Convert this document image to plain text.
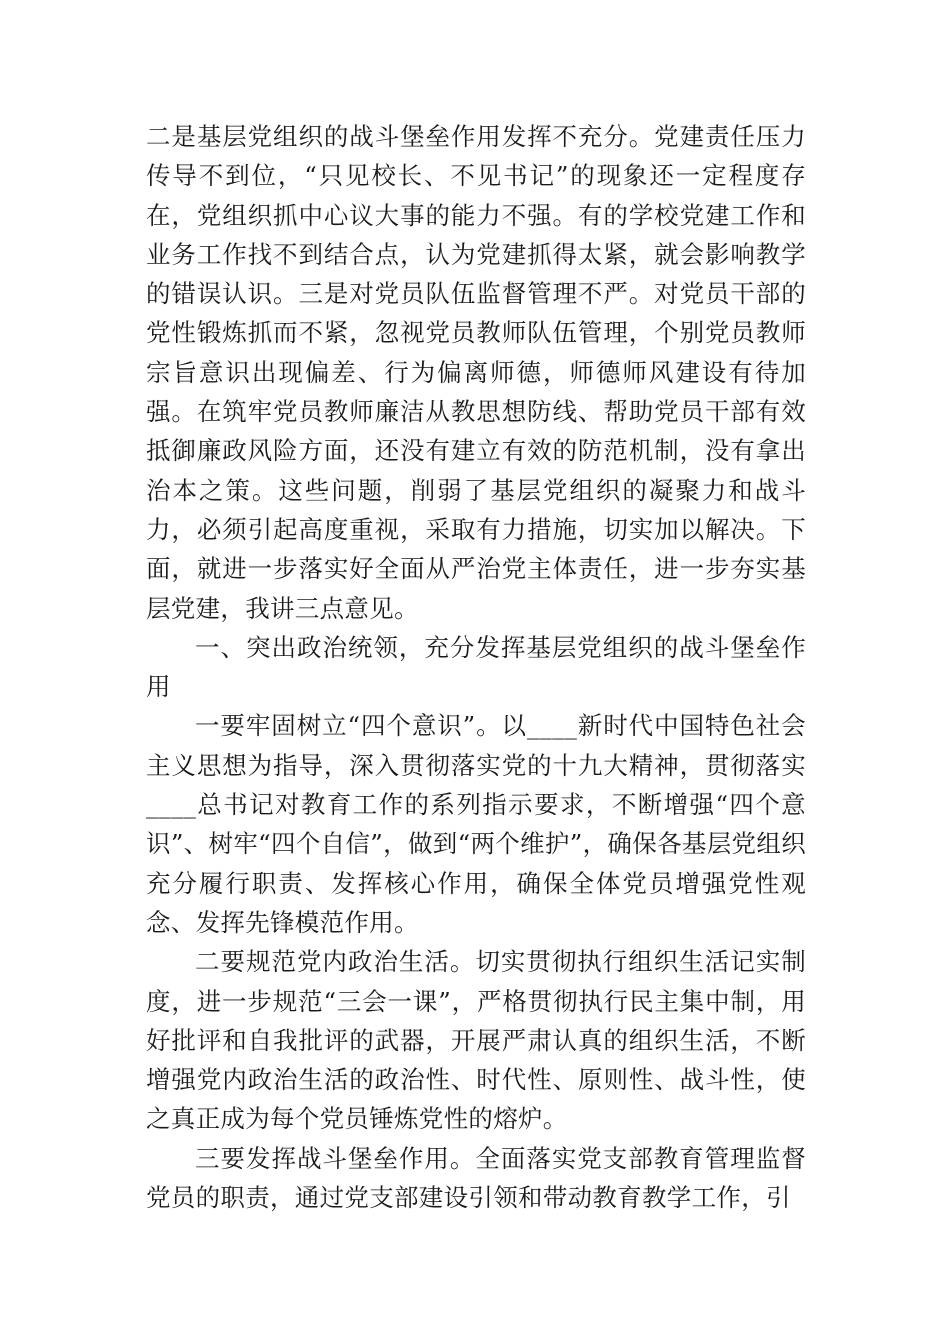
二是基层党组织的战斗堡垒作用发挥不充分。党建责任压力传导不到位，“只见校长、不见书记”的现象还一定程度存在，党组织抓中心议大事的能力不强。有的学校党建工作和业务工作找不到结合点，认为党建抓得太紧，就会影响教学的错误认识。三是对党员队伍监督管理不严。对党员干部的党性锻炼抓而不紧，忽视党员教师队伍管理，个别党员教师宗旨意识出现偏差、行为偏离师德，师德师风建设有待加强。在筑牢党员教师廉洁从教思想防线、帮助党员干部有效抵御廉政风险方面，还没有建立有效的防范机制，没有拿出治本之策。这些问题，削弱了基层党组织的凝聚力和战斗力，必须引起高度重视，采取有力措施，切实加以解决。下面，就进一步落实好全面从严治党主体责任，进一步夯实基层党建，我讲三点意见。

一、突出政治统领，充分发挥基层党组织的战斗堡垒作用

一要牢固树立“四个意识”。以____新时代中国特色社会主义思想为指导，深入贯彻落实党的十九大精神，贯彻落实____总书记对教育工作的系列指示要求，不断增强“四个意识”、树牢“四个自信”，做到“两个维护”，确保各基层党组织充分履行职责、发挥核心作用，确保全体党员增强党性观念、发挥先锋模范作用。

二要规范党内政治生活。切实贯彻执行组织生活记实制度，进一步规范“三会一课”，严格贯彻执行民主集中制，用好批评和自我批评的武器，开展严肃认真的组织生活，不断增强党内政治生活的政治性、时代性、原则性、战斗性，使之真正成为每个党员锤炼党性的熔炉。

三要发挥战斗堡垒作用。全面落实党支部教育管理监督党员的职责，通过党支部建设引领和带动教育教学工作，引
